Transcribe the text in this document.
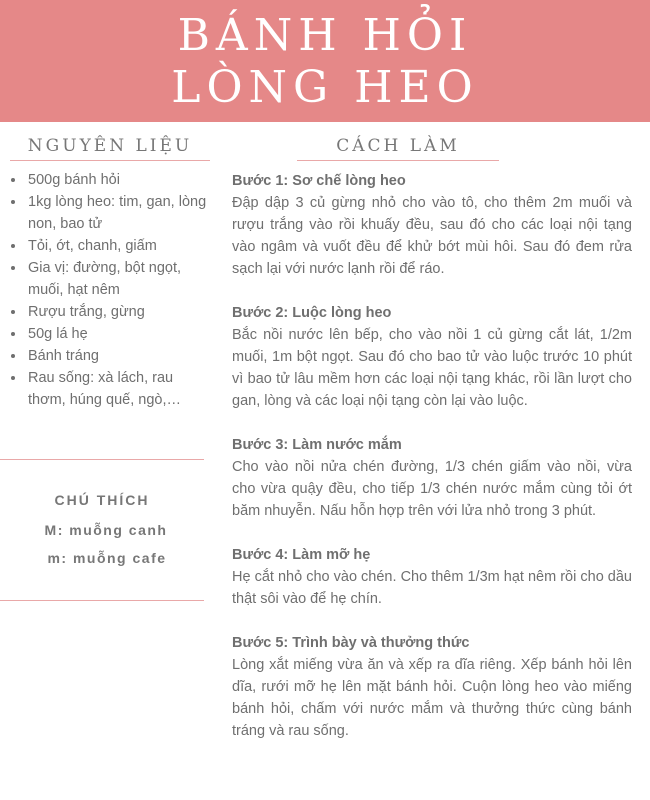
BÁNH HỎI
LÒNG HEO
NGUYÊN LIỆU
• 500g bánh hỏi
• 1kg lòng heo: tim, gan, lòng non, bao tử
• Tỏi, ớt, chanh, giấm
• Gia vị: đường, bột ngọt, muối, hạt nêm
• Rượu trắng, gừng
• 50g lá hẹ
• Bánh tráng
• Rau sống: xà lách, rau thơm, húng quế, ngò,…
CHÚ THÍCH
M: muỗng canh
m: muỗng cafe
CÁCH LÀM
Bước 1: Sơ chế lòng heo
Đập dập 3 củ gừng nhỏ cho vào tô, cho thêm 2m muối và rượu trắng vào rồi khuấy đều, sau đó cho các loại nội tạng vào ngâm và vuốt đều để khử bớt mùi hôi. Sau đó đem rửa sạch lại với nước lạnh rồi để ráo.
Bước 2: Luộc lòng heo
Bắc nồi nước lên bếp, cho vào nồi 1 củ gừng cắt lát, 1/2m muối, 1m bột ngọt. Sau đó cho bao tử vào luộc trước 10 phút vì bao tử lâu mềm hơn các loại nội tạng khác, rồi lần lượt cho gan, lòng và các loại nội tạng còn lại vào luộc.
Bước 3: Làm nước mắm
Cho vào nồi nửa chén đường, 1/3 chén giấm vào nồi, vừa cho vừa quậy đều, cho tiếp 1/3 chén nước mắm cùng tỏi ớt băm nhuyễn. Nấu hỗn hợp trên với lửa nhỏ trong 3 phút.
Bước 4: Làm mỡ hẹ
Hẹ cắt nhỏ cho vào chén. Cho thêm 1/3m hạt nêm rồi cho dầu thật sôi vào để hẹ chín.
Bước 5: Trình bày và thưởng thức
Lòng xắt miếng vừa ăn và xếp ra dĩa riêng. Xếp bánh hỏi lên dĩa, rưới mỡ hẹ lên mặt bánh hỏi. Cuộn lòng heo vào miếng bánh hỏi, chấm với nước mắm và thưởng thức cùng bánh tráng và rau sống.
